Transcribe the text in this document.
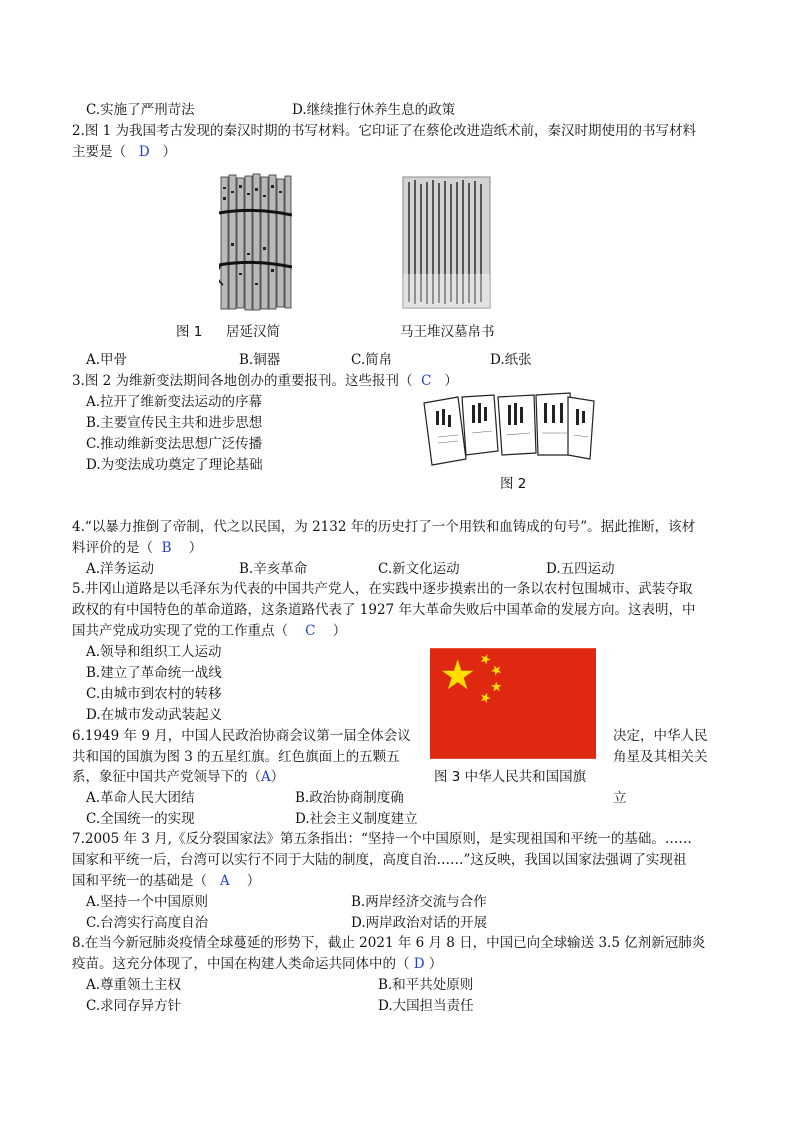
C.实施了严刑苛法	D.继续推行休养生息的政策
2.图 1 为我国考古发现的秦汉时期的书写材料。它印证了在蔡伦改进造纸术前，秦汉时期使用的书写材料
主要是（ D ）
图 1 居延汉简	马王堆汉墓帛书
A.甲骨	B.铜器	C.简帛	D.纸张
3.图 2 为维新变法期间各地创办的重要报刊。这些报刊（ C ）
A.拉开了维新变法运动的序幕
B.主要宣传民主共和进步思想
C.推动维新变法思想广泛传播
D.为变法成功奠定了理论基础
图 2
4.“以暴力推倒了帝制，代之以民国，为 2132 年的历史打了一个用铁和血铸成的句号”。据此推断，该材
料评价的是（ B ）
A.洋务运动	B.辛亥革命	C.新文化运动	D.五四运动
5.井冈山道路是以毛泽东为代表的中国共产党人，在实践中逐步摸索出的一条以农村包围城市、武装夺取
政权的有中国特色的革命道路，这条道路代表了 1927 年大革命失败后中国革命的发展方向。这表明，中
国共产党成功实现了党的工作重点（ C ）
A.领导和组织工人运动
B.建立了革命统一战线
C.由城市到农村的转移
D.在城市发动武装起义
6.1949 年 9 月，中国人民政治协商会议第一届全体会议	决定，中华人民
共和国的国旗为图 3 的五星红旗。红色旗面上的五颗五	角星及其相关关
系，象征中国共产党领导下的（A）	图 3 中华人民共和国国旗
A.革命人民大团结	B.政治协商制度确	立
C.全国统一的实现	D.社会主义制度建立
7.2005 年 3 月,《反分裂国家法》第五条指出：“坚持一个中国原则，是实现祖国和平统一的基础。……
国家和平统一后，台湾可以实行不同于大陆的制度，高度自治……”这反映，我国以国家法强调了实现祖
国和平统一的基础是（ A ）
A.坚持一个中国原则	B.两岸经济交流与合作
C.台湾实行高度自治	D.两岸政治对话的开展
8.在当今新冠肺炎疫情全球蔓延的形势下，截止 2021 年 6 月 8 日，中国已向全球输送 3.5 亿剂新冠肺炎
疫苗。这充分体现了，中国在构建人类命运共同体中的（ D ）
A.尊重领土主权	B.和平共处原则
C.求同存异方针	D.大国担当责任
